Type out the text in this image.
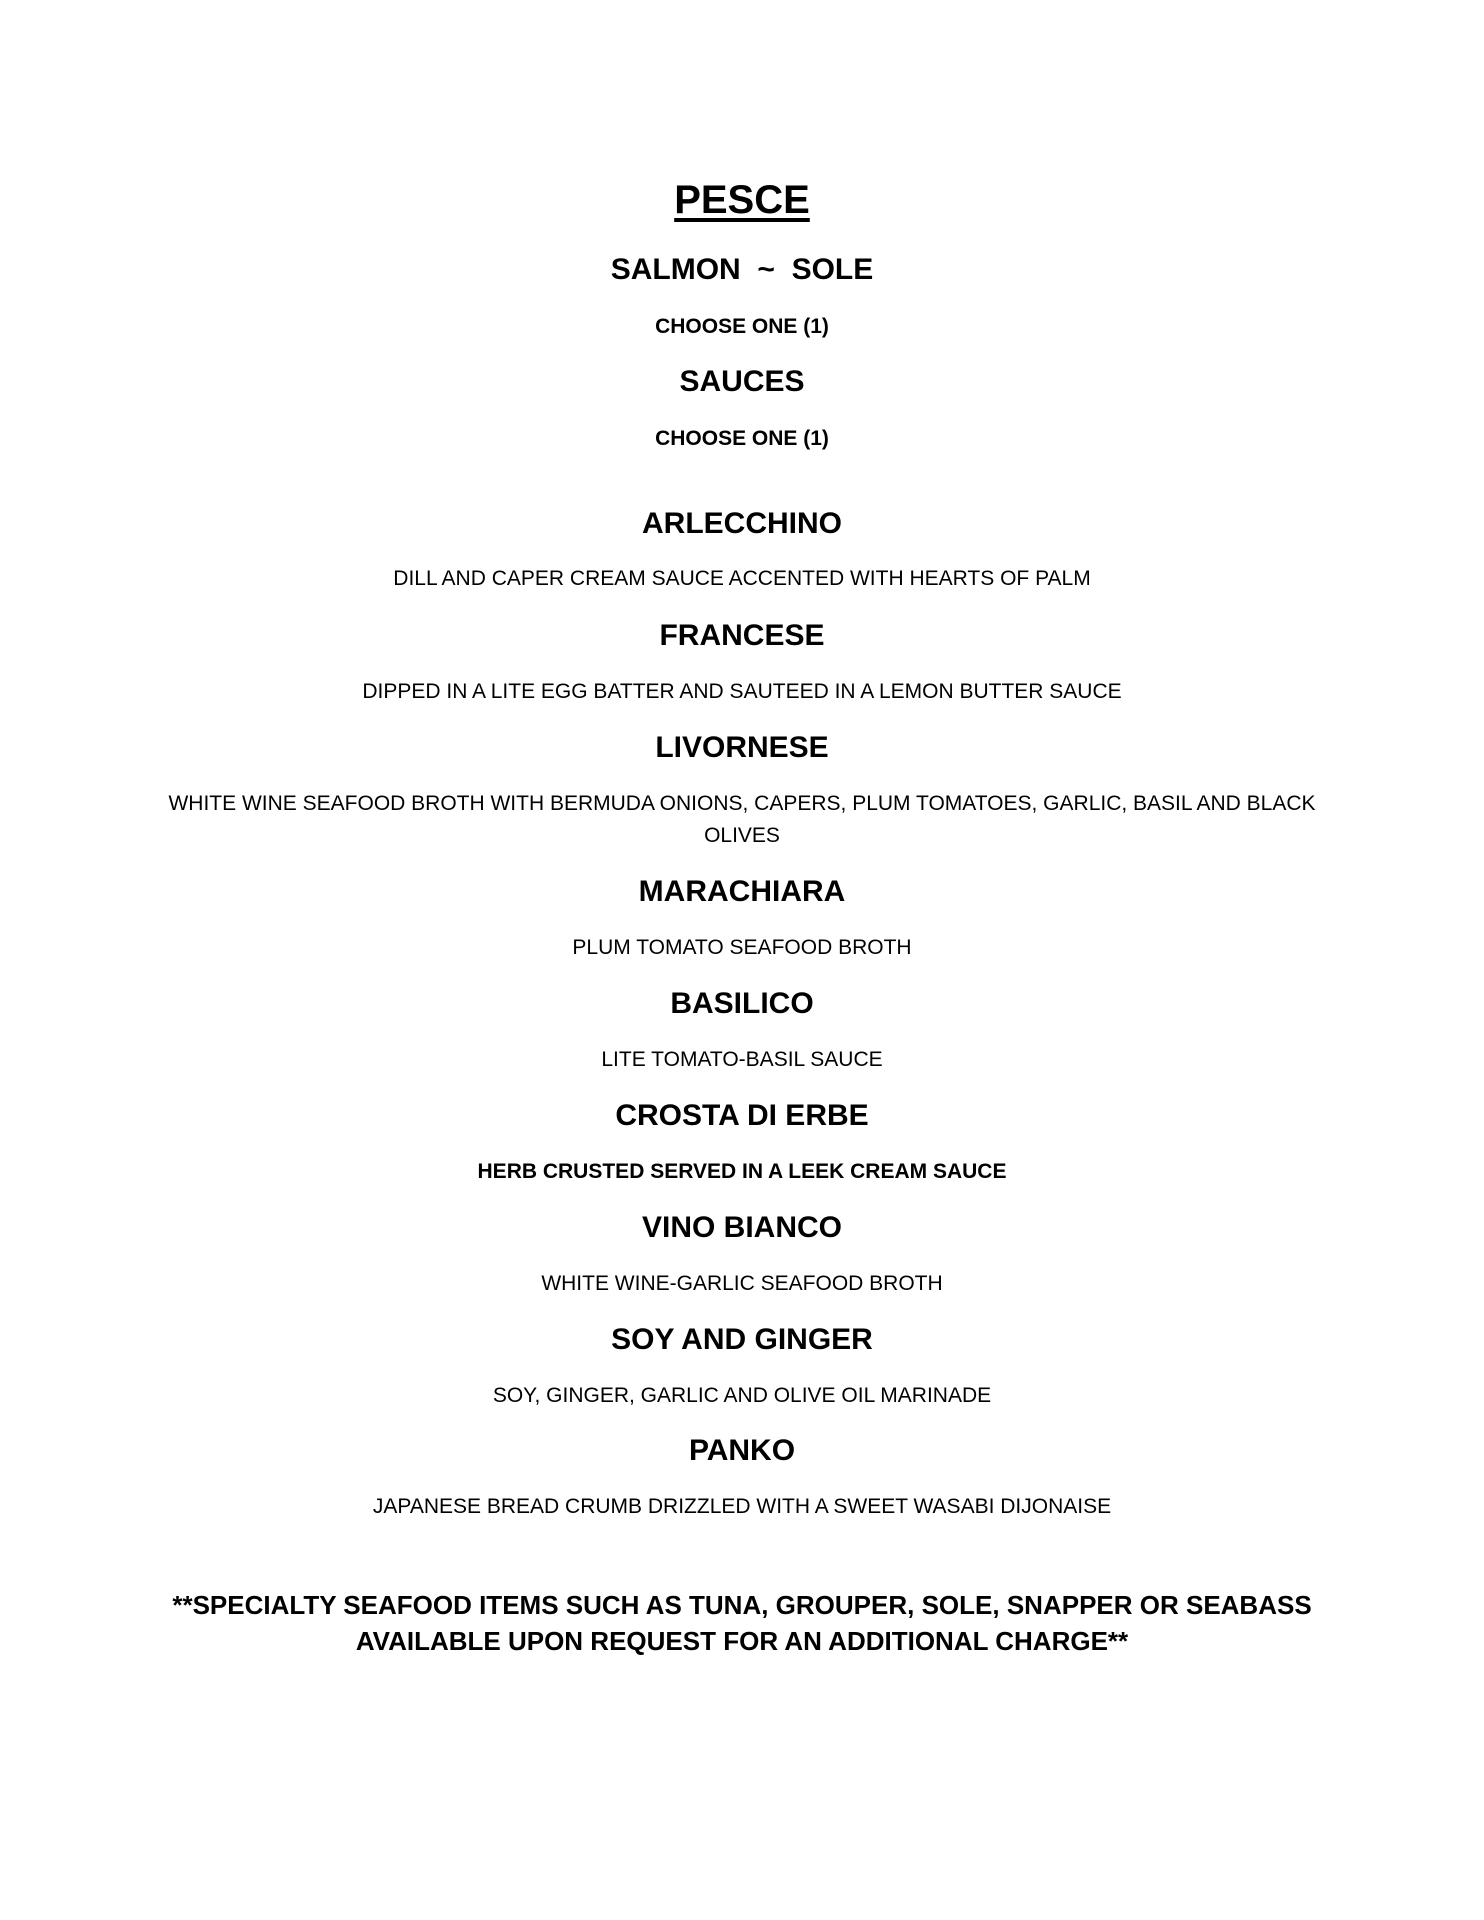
PESCE
SALMON  ~  SOLE
CHOOSE ONE (1)
SAUCES
CHOOSE ONE (1)
ARLECCHINO
DILL AND CAPER CREAM SAUCE ACCENTED WITH HEARTS OF PALM
FRANCESE
DIPPED IN A LITE EGG BATTER AND SAUTEED IN A LEMON BUTTER SAUCE
LIVORNESE
WHITE WINE SEAFOOD BROTH WITH BERMUDA ONIONS, CAPERS, PLUM TOMATOES, GARLIC, BASIL AND BLACK OLIVES
MARACHIARA
PLUM TOMATO SEAFOOD BROTH
BASILICO
LITE TOMATO-BASIL SAUCE
CROSTA DI ERBE
HERB CRUSTED SERVED IN A LEEK CREAM SAUCE
VINO BIANCO
WHITE WINE-GARLIC SEAFOOD BROTH
SOY AND GINGER
SOY, GINGER, GARLIC AND OLIVE OIL MARINADE
PANKO
JAPANESE BREAD CRUMB DRIZZLED WITH A SWEET WASABI DIJONAISE
**SPECIALTY SEAFOOD ITEMS SUCH AS TUNA, GROUPER, SOLE, SNAPPER OR SEABASS AVAILABLE UPON REQUEST FOR AN ADDITIONAL CHARGE**
